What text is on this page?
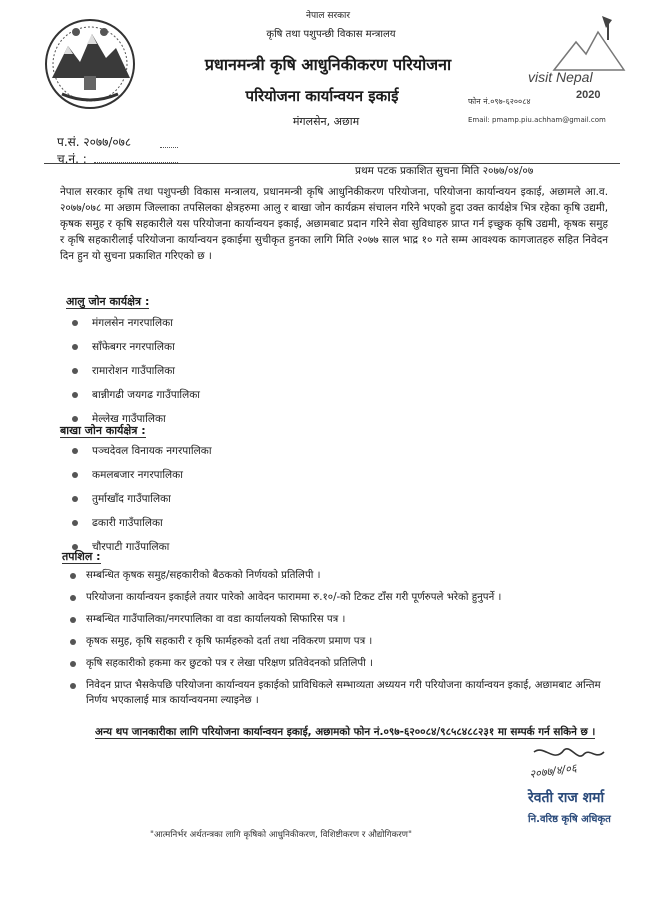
नेपाल सरकार
कृषि तथा पशुपन्छी विकास मन्त्रालय
प्रधानमन्त्री कृषि आधुनिकीकरण परियोजना
परियोजना कार्यान्वयन इकाई
मंगलसेन, अछाम
visit Nepal
2020
फोन नं.०९७-६२००८४
Email: pmamp.piu.achham@gmail.com
प.सं. २०७७/०७८
च.नं. :
प्रथम पटक प्रकाशित सुचना मिति २०७७/०४/०७
नेपाल सरकार कृषि तथा पशुपन्छी विकास मन्त्रालय, प्रधानमन्त्री कृषि आधुनिकीकरण परियोजना, परियोजना कार्यान्वयन इकाई, अछामले आ.व. २०७७/०७८ मा अछाम जिल्लाका तपसिलका क्षेत्रहरुमा आलु र बाखा जोन कार्यक्रम संचालन गरिने भएको हुदा उक्त कार्यक्षेत्र भित्र रहेका कृषि उद्यमी, कृषक समुह र कृषि सहकारीले यस परियोजना कार्यान्वयन इकाई, अछामबाट प्रदान गरिने सेवा सुविधाहरु प्राप्त गर्न इच्छुक कृषि उद्यमी, कृषक समुह र कृषि सहकारीलाई परियोजना कार्यान्वयन इकाईमा सुचीकृत हुनका लागि मिति २०७७ साल भाद्र १० गते सम्म आवश्यक कागजातहरु सहित निवेदन दिन हुन यो सुचना प्रकाशित गरिएको छ ।
आलु जोन कार्यक्षेत्र :
मंगलसेन नगरपालिका
साँफेबगर नगरपालिका
रामारोशन गाउँपालिका
बान्नीगढी जयगढ गाउँपालिका
मेल्लेख गाउँपालिका
बाखा जोन कार्यक्षेत्र :
पञ्चदेवल विनायक नगरपालिका
कमलबजार नगरपालिका
तुर्माखाँद गाउँपालिका
ढकारी गाउँपालिका
चौरपाटी गाउँपालिका
तपशिल :
सम्बन्धित कृषक समुह/सहकारीको बैठकको निर्णयको प्रतिलिपी ।
परियोजना कार्यान्वयन इकाईले तयार पारेको आवेदन फाराममा रु.१०/-को टिकट टाँस गरी पूर्णरुपले भरेको हुनुपर्ने ।
सम्बन्धित गाउँपालिका/नगरपालिका वा वडा कार्यालयको सिफारिस पत्र ।
कृषक समुह, कृषि सहकारी र कृषि फार्महरुको दर्ता तथा नविकरण प्रमाण पत्र ।
कृषि सहकारीको हकमा कर छुटको पत्र र लेखा परिक्षण प्रतिवेदनको प्रतिलिपी ।
निवेदन प्राप्त भैसकेपछि परियोजना कार्यान्वयन इकाईको प्राविधिकले सम्भाव्यता अध्ययन गरी परियोजना कार्यान्वयन इकाई, अछामबाट अन्तिम निर्णय भएकालाई मात्र कार्यान्वयनमा ल्याइनेछ ।
अन्य थप जानकारीका लागि परियोजना कार्यान्वयन इकाई, अछामको फोन नं.०९७-६२००८४/९८५८४८८२३१ मा सम्पर्क गर्न सकिने छ ।
२०७७/४/०६
रेवती राज शर्मा
नि.वरिष्ठ कृषि अधिकृत
"आत्मनिर्भर अर्थतन्त्रका लागि कृषिको आधुनिकीकरण, विशिष्टीकरण र औद्योगिकरण"
